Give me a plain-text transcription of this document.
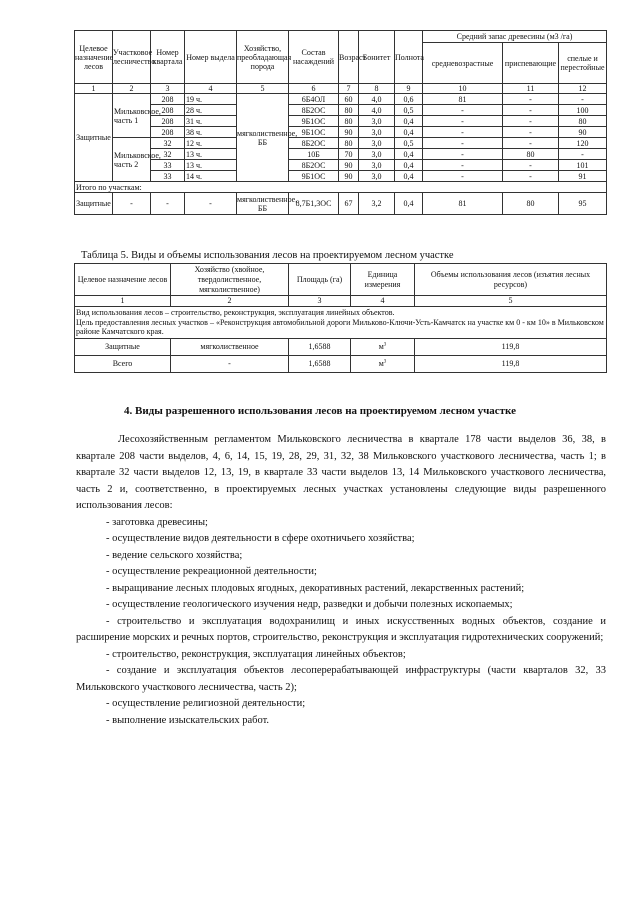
Целевое назначение лесов	Участковое лесничество	Номер квартала	Номер выдела	Хозяйство, преобладающая порода	Состав насаждений	Возраст	Бонитет	Полнота	Средний запас древесины (м3 /га)		
									средневозрастные	приспевающие	спелые и перестойные
1	2	3	4	5	6	7	8	9	10	11	12
Защитные	Мильковское, часть 1	208	19 ч.	мягколиственное, ББ	6Б4ОЛ	60	4,0	0,6	81	-	-
		208	28 ч.		8Б2ОС	80	4,0	0,5	-	-	100
		208	31 ч.		9Б1ОС	80	3,0	0,4	-	-	80
		208	38 ч.		9Б1ОС	90	3,0	0,4	-	-	90
	Мильковское, часть 2	32	12 ч.		8Б2ОС	80	3,0	0,5	-	-	120
		32	13 ч.		10Б	70	3,0	0,4	-	80	-
		33	13 ч.		8Б2ОС	90	3,0	0,4	-	-	101
		33	14 ч.		9Б1ОС	90	3,0	0,4	-	-	91
Итого по участкам:											
Защитные	-	-	-	мягколиственное, ББ	8,7Б1,3ОС	67	3,2	0,4	81	80	95
Таблица 5. Виды и объемы использования лесов на проектируемом лесном участке
Целевое назначение лесов	Хозяйство (хвойное, твердолиственное, мягколиственное)	Площадь (га)	Единица измерения	Объемы использования лесов (изъятия лесных ресурсов)
1	2	3	4	5

Вид использования лесов – строительство, реконструкция, эксплуатация линейных объектов.
Цель предоставления лесных участков – «Реконструкция автомобильной дороги Мильково-Ключи-Усть-Камчатск на участке км 0 - км 10» в Мильковском районе Камчатского края.				

Защитные	мягколиственное	1,6588	$м^3$	119,8
Всего	-	1,6588	$м^3$	119,8
4. Виды разрешенного использования лесов на проектируемом лесном участке

Лесохозяйственным регламентом Мильковского лесничества в квартале 178 части выделов 36, 38, в квартале 208 части выделов, 4, 6, 14, 15, 19, 28, 29, 31, 32, 38 Мильковского участкового лесничества, часть 1; в квартале 32 части выделов 12, 13, 19, в квартале 33 части выделов 13, 14 Мильковского участкового лесничества, часть 2 и, соответственно, в проектируемых лесных участках установлены следующие виды разрешенного использования лесов:

- заготовка древесины;

- осуществление видов деятельности в сфере охотничьего хозяйства;

- ведение сельского хозяйства;

- осуществление рекреационной деятельности;

- выращивание лесных плодовых ягодных, декоративных растений, лекарственных растений;

- осуществление геологического изучения недр, разведки и добычи полезных ископаемых;

- строительство и эксплуатация водохранилищ и иных искусственных водных объектов, создание и расширение морских и речных портов, строительство, реконструкция и эксплуатация гидротехнических сооружений;

- строительство, реконструкция, эксплуатация линейных объектов;

- создание и эксплуатация объектов лесоперерабатывающей инфраструктуры (части кварталов 32, 33 Мильковского участкового лесничества, часть 2);

- осуществление религиозной деятельности;

- выполнение изыскательских работ.
